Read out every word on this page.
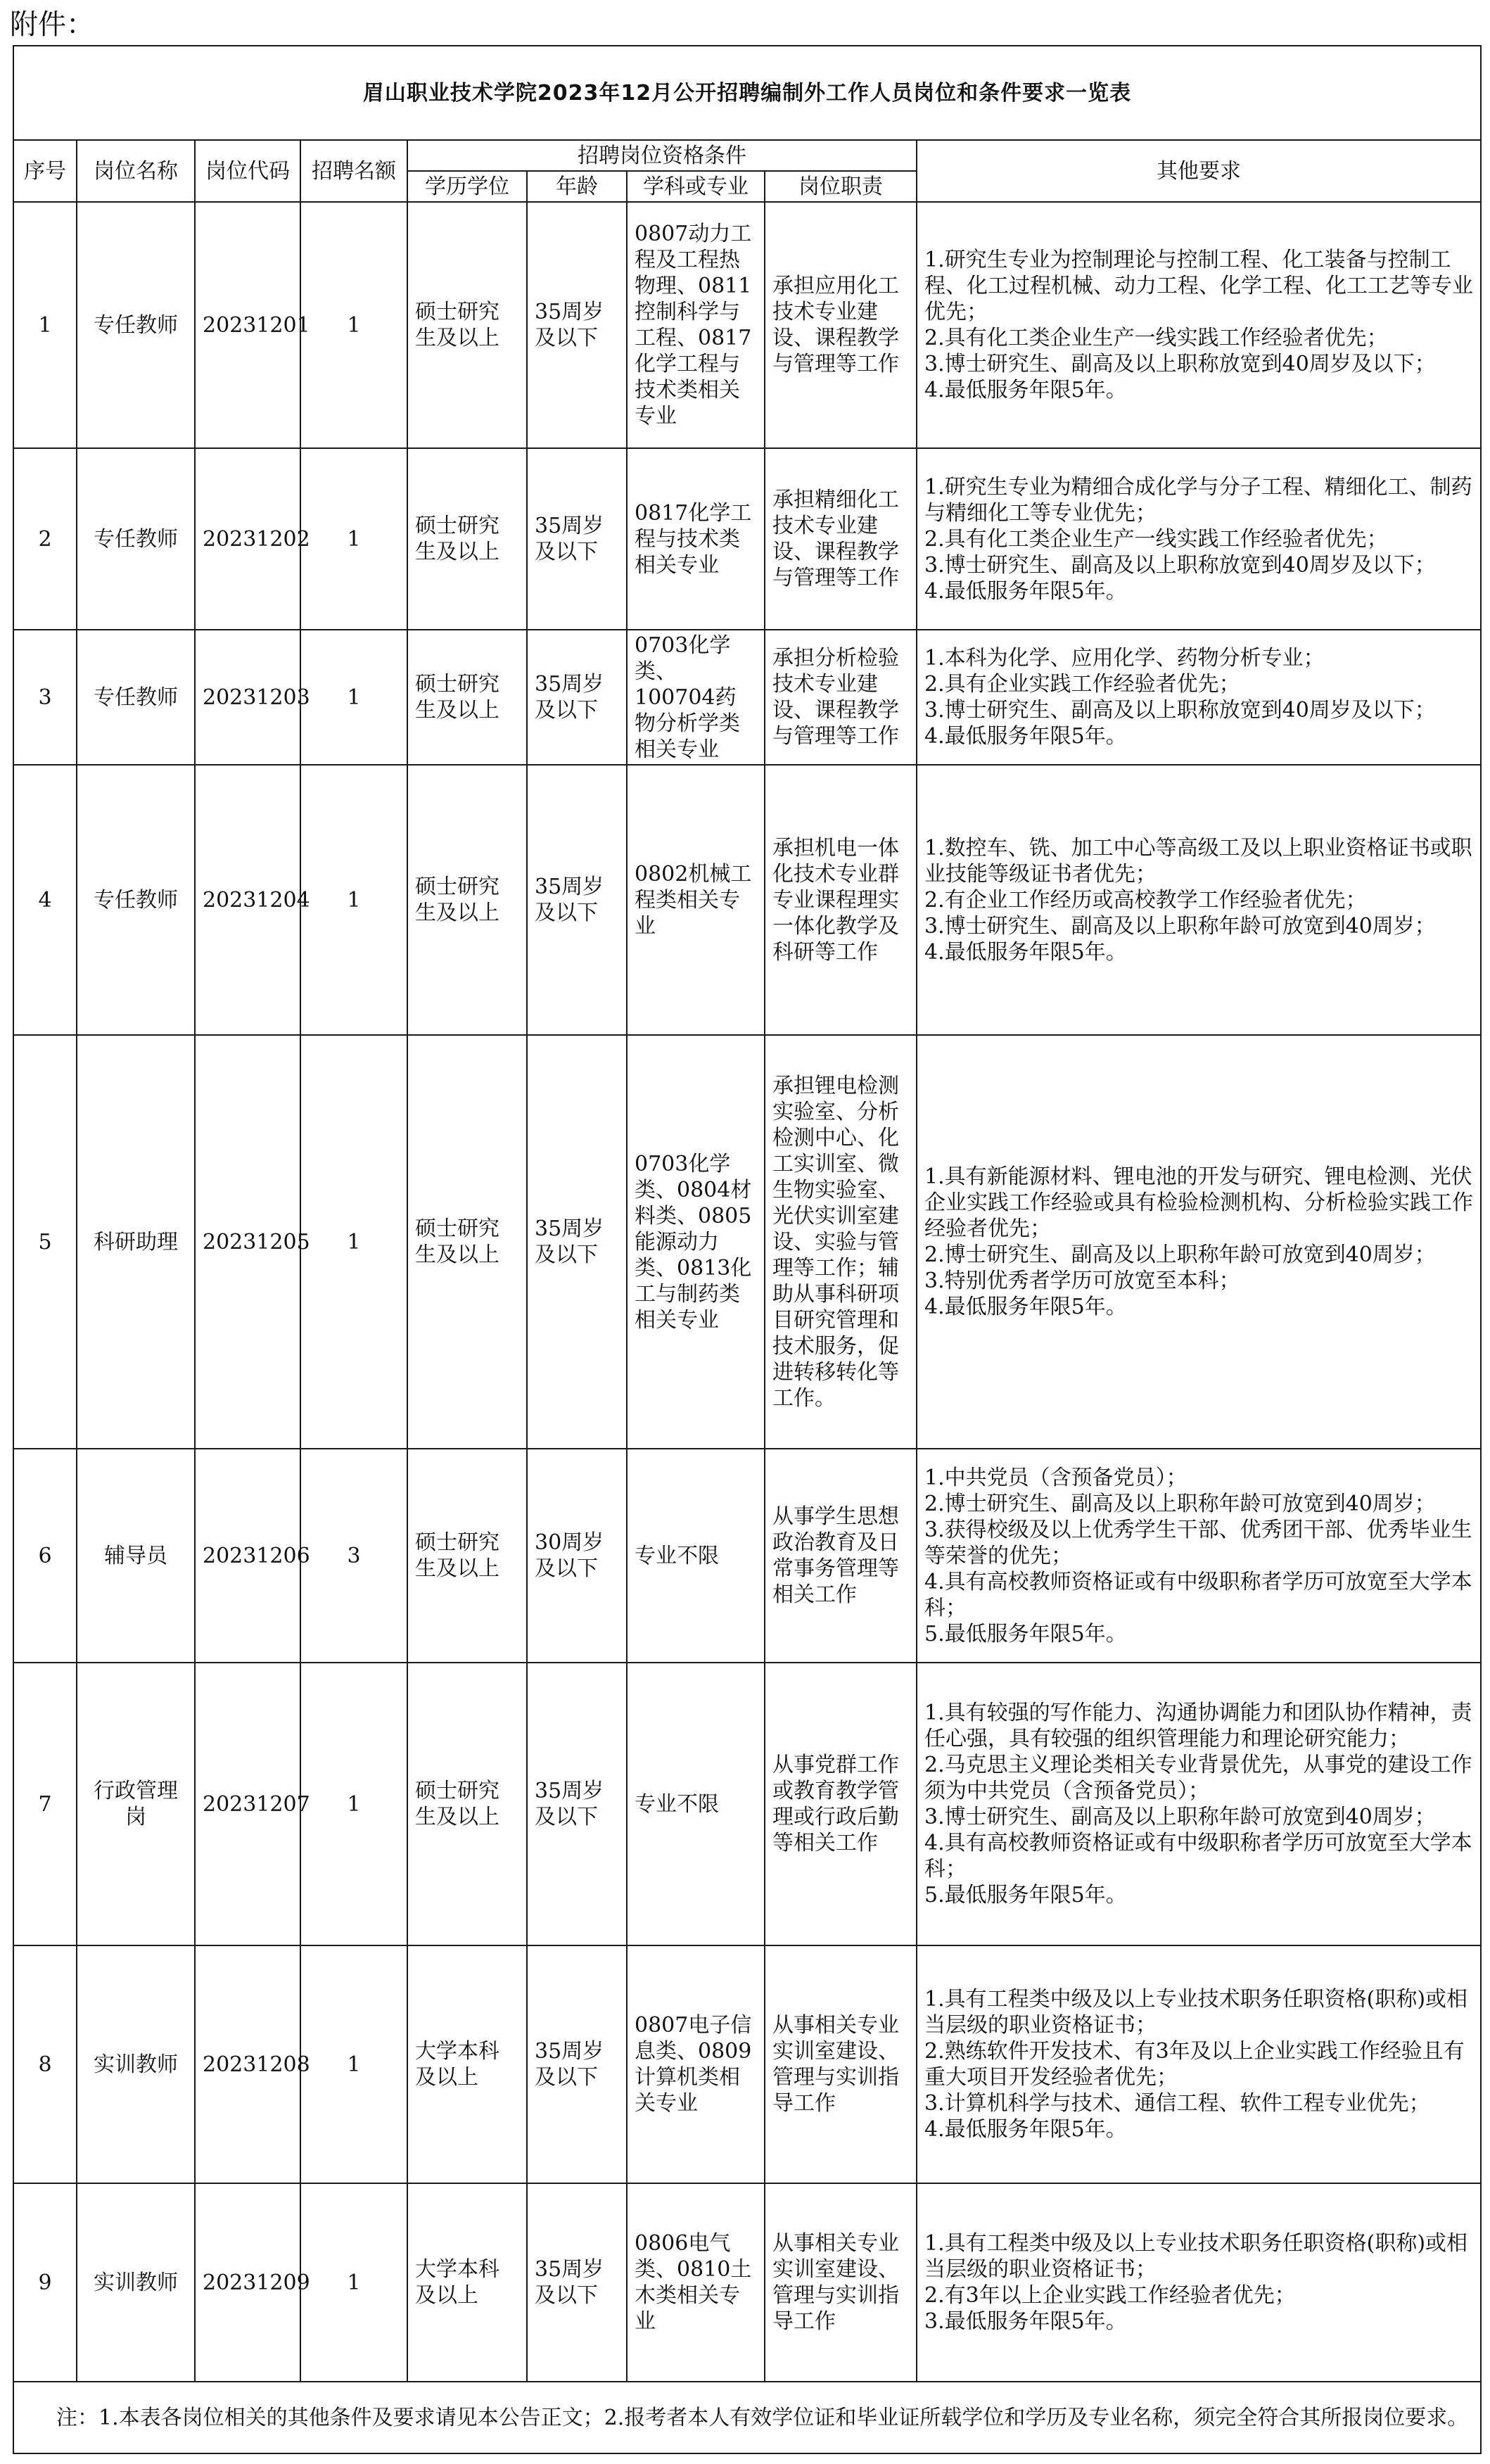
附件：
眉山职业技术学院2023年12月公开招聘编制外工作人员岗位和条件要求一览表								
序号	岗位名称	岗位代码	招聘名额	招聘岗位资格条件				其他要求
				学历学位	年龄	学科或专业	岗位职责	
1	专任教师	20231201	1	硕士研究生及以上	35周岁及以下	0807动力工程及工程热物理、0811控制科学与工程、0817化学工程与技术类相关专业	承担应用化工技术专业建设、课程教学与管理等工作	1.研究生专业为控制理论与控制工程、化工装备与控制工程、化工过程机械、动力工程、化学工程、化工工艺等专业优先；
2.具有化工类企业生产一线实践工作经验者优先；
3.博士研究生、副高及以上职称放宽到40周岁及以下；
4.最低服务年限5年。

2	专任教师	20231202	1	硕士研究生及以上	35周岁及以下	0817化学工程与技术类相关专业	承担精细化工技术专业建设、课程教学与管理等工作	1.研究生专业为精细合成化学与分子工程、精细化工、制药与精细化工等专业优先；
2.具有化工类企业生产一线实践工作经验者优先；
3.博士研究生、副高及以上职称放宽到40周岁及以下；
4.最低服务年限5年。

3	专任教师	20231203	1	硕士研究生及以上	35周岁及以下	0703化学类、100704药物分析学类相关专业	承担分析检验技术专业建设、课程教学与管理等工作	1.本科为化学、应用化学、药物分析专业；
2.具有企业实践工作经验者优先；
3.博士研究生、副高及以上职称放宽到40周岁及以下；
4.最低服务年限5年。

4	专任教师	20231204	1	硕士研究生及以上	35周岁及以下	0802机械工程类相关专业	承担机电一体化技术专业群专业课程理实一体化教学及科研等工作	1.数控车、铣、加工中心等高级工及以上职业资格证书或职业技能等级证书者优先；
2.有企业工作经历或高校教学工作经验者优先；
3.博士研究生、副高及以上职称年龄可放宽到40周岁；
4.最低服务年限5年。

5	科研助理	20231205	1	硕士研究生及以上	35周岁及以下	0703化学类、0804材料类、0805能源动力类、0813化工与制药类相关专业	承担锂电检测实验室、分析检测中心、化工实训室、微生物实验室、光伏实训室建设、实验与管理等工作；辅助从事科研项目研究管理和技术服务，促进转移转化等工作。	1.具有新能源材料、锂电池的开发与研究、锂电检测、光伏企业实践工作经验或具有检验检测机构、分析检验实践工作经验者优先；
2.博士研究生、副高及以上职称年龄可放宽到40周岁；
3.特别优秀者学历可放宽至本科；
4.最低服务年限5年。

6	辅导员	20231206	3	硕士研究生及以上	30周岁及以下	专业不限	从事学生思想政治教育及日常事务管理等相关工作	1.中共党员（含预备党员）；
2.博士研究生、副高及以上职称年龄可放宽到40周岁；
3.获得校级及以上优秀学生干部、优秀团干部、优秀毕业生等荣誉的优先；
4.具有高校教师资格证或有中级职称者学历可放宽至大学本科；
5.最低服务年限5年。

7	行政管理岗	20231207	1	硕士研究生及以上	35周岁及以下	专业不限	从事党群工作或教育教学管理或行政后勤等相关工作	1.具有较强的写作能力、沟通协调能力和团队协作精神，责任心强，具有较强的组织管理能力和理论研究能力；
2.马克思主义理论类相关专业背景优先，从事党的建设工作须为中共党员（含预备党员）；
3.博士研究生、副高及以上职称年龄可放宽到40周岁；
4.具有高校教师资格证或有中级职称者学历可放宽至大学本科；
5.最低服务年限5年。

8	实训教师	20231208	1	大学本科及以上	35周岁及以下	0807电子信息类、0809计算机类相关专业	从事相关专业实训室建设、管理与实训指导工作	1.具有工程类中级及以上专业技术职务任职资格(职称)或相当层级的职业资格证书；
2.熟练软件开发技术、有3年及以上企业实践工作经验且有重大项目开发经验者优先；
3.计算机科学与技术、通信工程、软件工程专业优先；
4.最低服务年限5年。

9	实训教师	20231209	1	大学本科及以上	35周岁及以下	0806电气类、0810土木类相关专业	从事相关专业实训室建设、管理与实训指导工作	1.具有工程类中级及以上专业技术职务任职资格(职称)或相当层级的职业资格证书；
2.有3年以上企业实践工作经验者优先；
3.最低服务年限5年。

注：1.本表各岗位相关的其他条件及要求请见本公告正文；2.报考者本人有效学位证和毕业证所载学位和学历及专业名称，须完全符合其所报岗位要求。								
